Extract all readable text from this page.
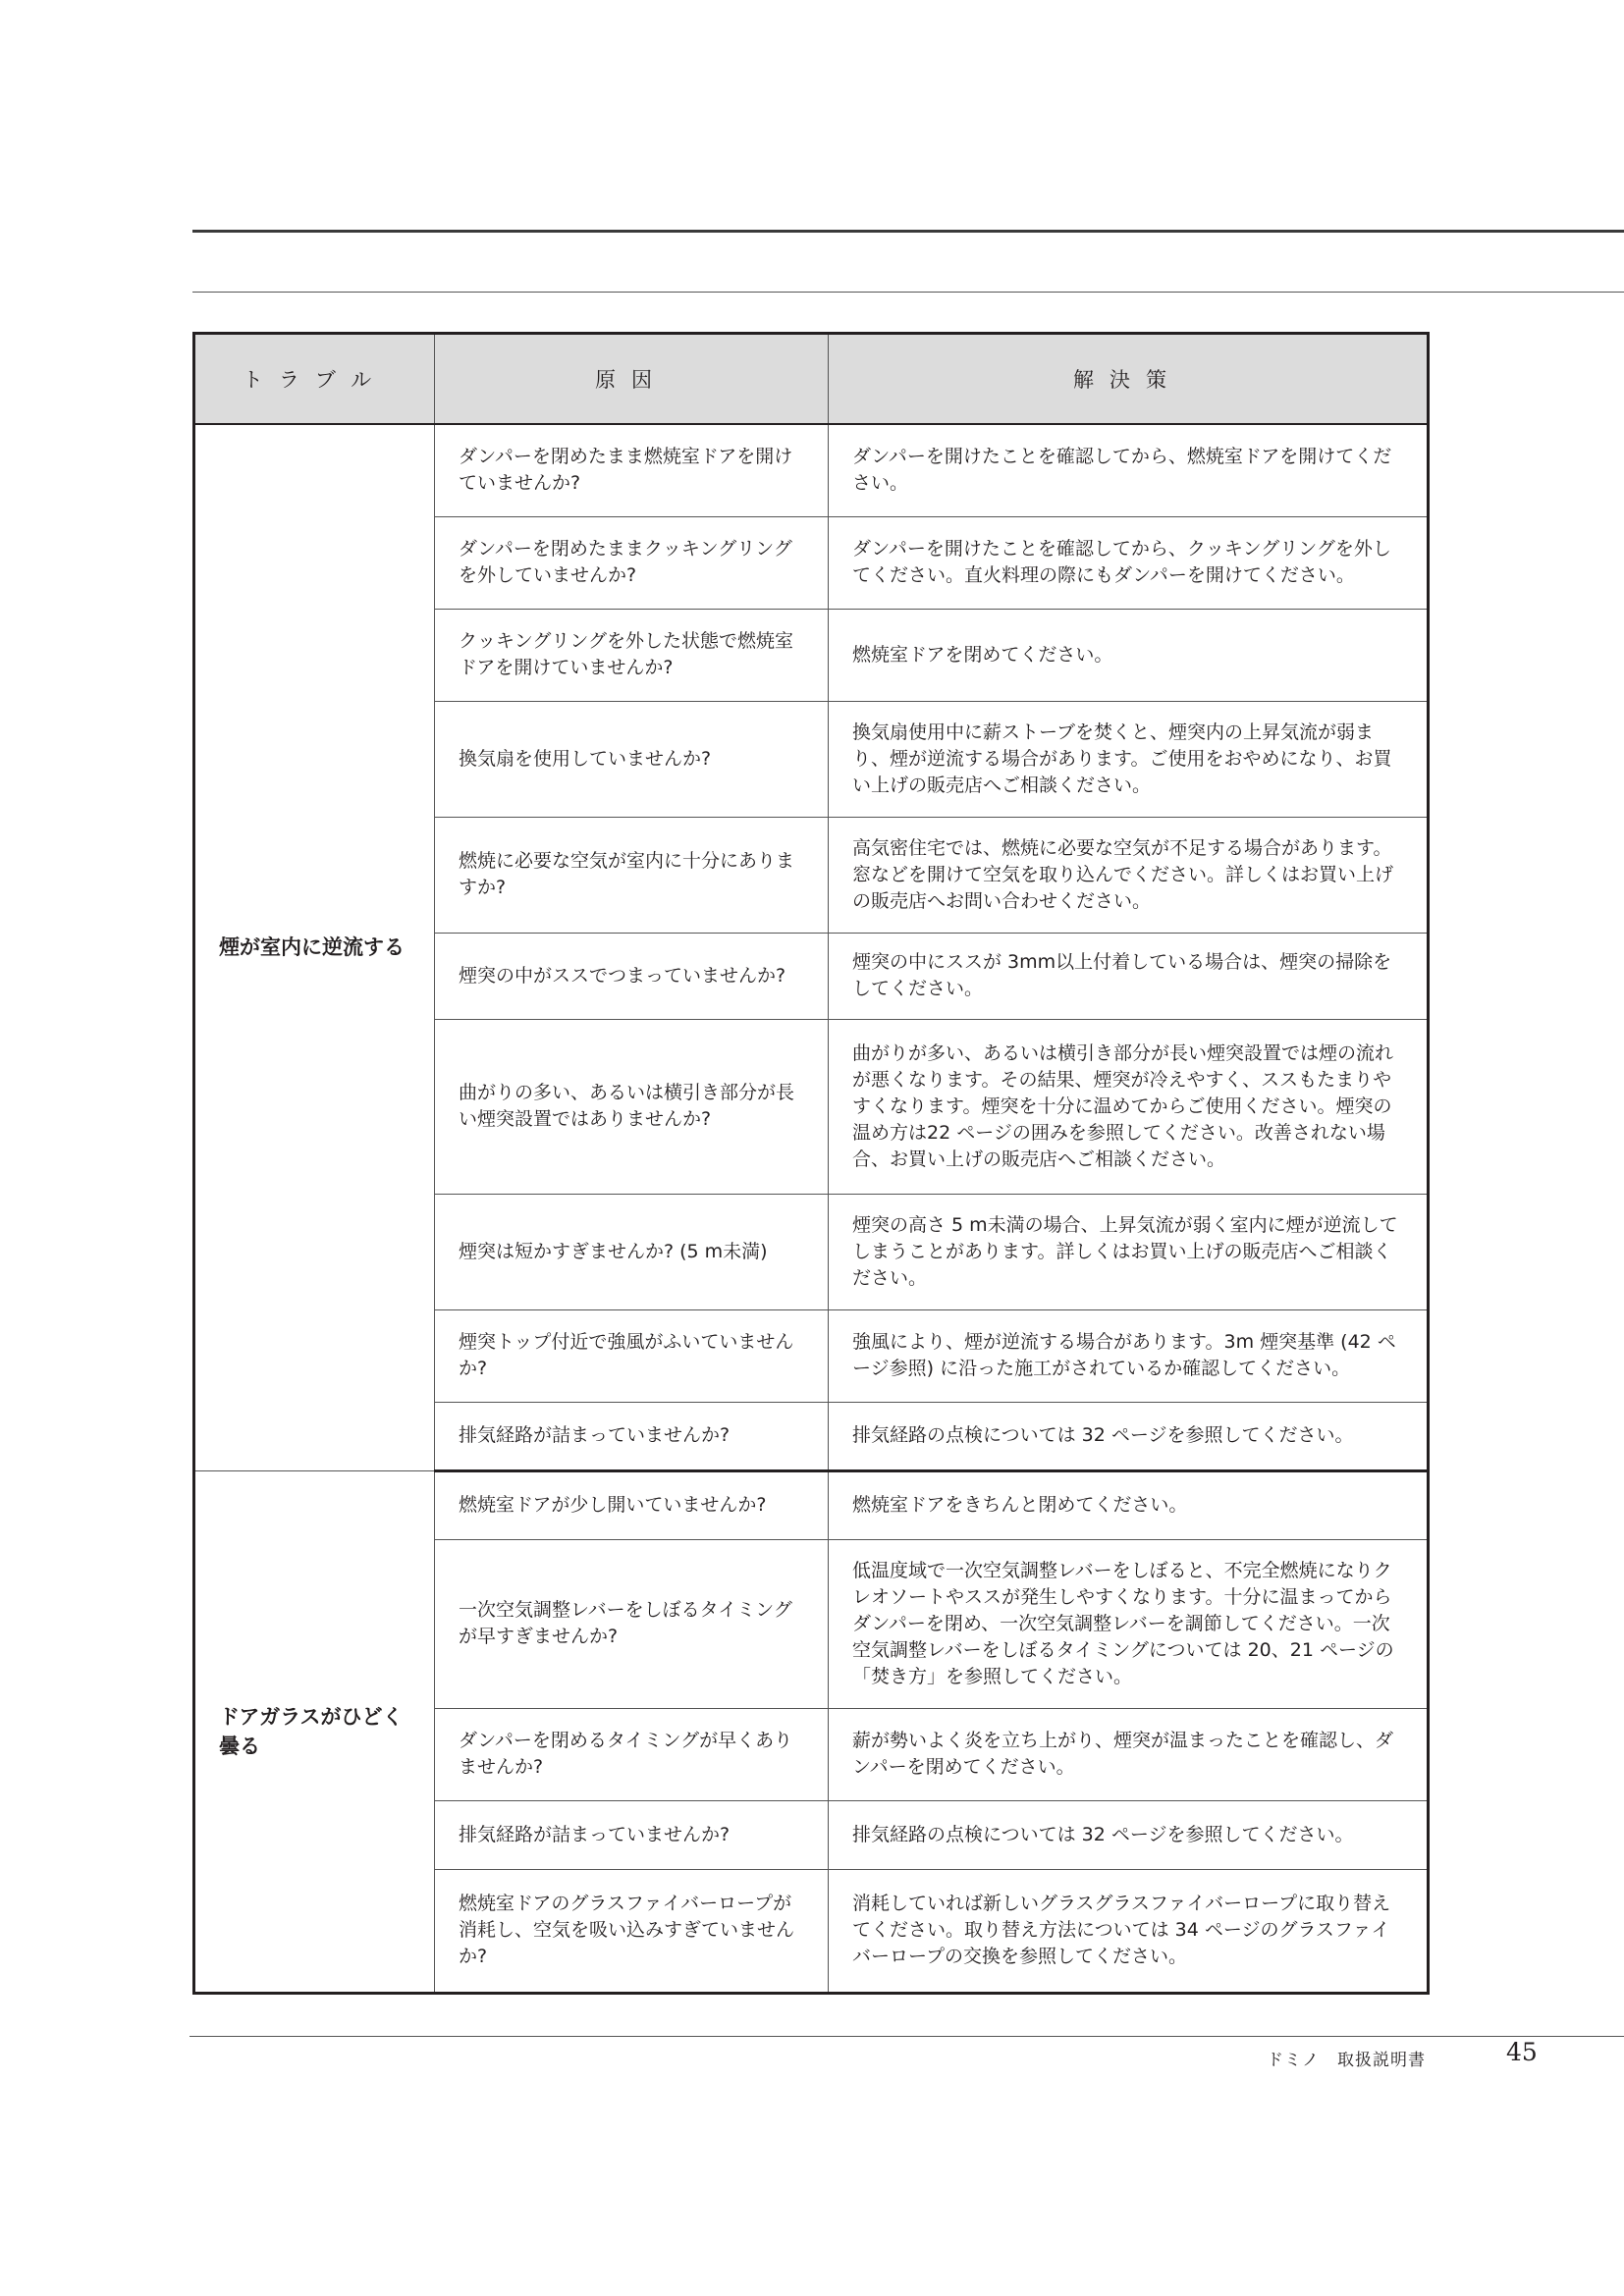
トラブル	原因	解決策
煙が室内に逆流する	ダンパーを閉めたまま燃焼室ドアを開けていませんか?	ダンパーを開けたことを確認してから、燃焼室ドアを開けてください。
	ダンパーを閉めたままクッキングリングを外していませんか?	ダンパーを開けたことを確認してから、クッキングリングを外してください。直火料理の際にもダンパーを開けてください。
	クッキングリングを外した状態で燃焼室ドアを開けていませんか?	燃焼室ドアを閉めてください。
	換気扇を使用していませんか?	換気扇使用中に薪ストーブを焚くと、煙突内の上昇気流が弱まり、煙が逆流する場合があります。ご使用をおやめになり、お買い上げの販売店へご相談ください。
	燃焼に必要な空気が室内に十分にありますか?	高気密住宅では、燃焼に必要な空気が不足する場合があります。窓などを開けて空気を取り込んでください。詳しくはお買い上げの販売店へお問い合わせください。
	煙突の中がススでつまっていませんか?	煙突の中にススが 3mm以上付着している場合は、煙突の掃除をしてください。
	曲がりの多い、あるいは横引き部分が長い煙突設置ではありませんか?	曲がりが多い、あるいは横引き部分が長い煙突設置では煙の流れが悪くなります。その結果、煙突が冷えやすく、ススもたまりやすくなります。煙突を十分に温めてからご使用ください。煙突の温め方は22 ページの囲みを参照してください。改善されない場合、お買い上げの販売店へご相談ください。
	煙突は短かすぎませんか? (5 m未満)	煙突の高さ 5 m未満の場合、上昇気流が弱く室内に煙が逆流してしまうことがあります。詳しくはお買い上げの販売店へご相談ください。
	煙突トップ付近で強風がふいていませんか?	強風により、煙が逆流する場合があります。3m 煙突基準 (42 ページ参照) に沿った施工がされているか確認してください。
	排気経路が詰まっていませんか?	排気経路の点検については 32 ページを参照してください。
ドアガラスがひどく曇る	燃焼室ドアが少し開いていませんか?	燃焼室ドアをきちんと閉めてください。
	一次空気調整レバーをしぼるタイミングが早すぎませんか?	低温度域で一次空気調整レバーをしぼると、不完全燃焼になりクレオソートやススが発生しやすくなります。十分に温まってからダンパーを閉め、一次空気調整レバーを調節してください。一次空気調整レバーをしぼるタイミングについては 20、21 ページの「焚き方」を参照してください。
	ダンパーを閉めるタイミングが早くありませんか?	薪が勢いよく炎を立ち上がり、煙突が温まったことを確認し、ダンパーを閉めてください。
	排気経路が詰まっていませんか?	排気経路の点検については 32 ページを参照してください。
	燃焼室ドアのグラスファイバーロープが消耗し、空気を吸い込みすぎていませんか?	消耗していれば新しいグラスグラスファイバーロープに取り替えてください。取り替え方法については 34 ページのグラスファイバーロープの交換を参照してください。
ドミノ　取扱説明書	45
